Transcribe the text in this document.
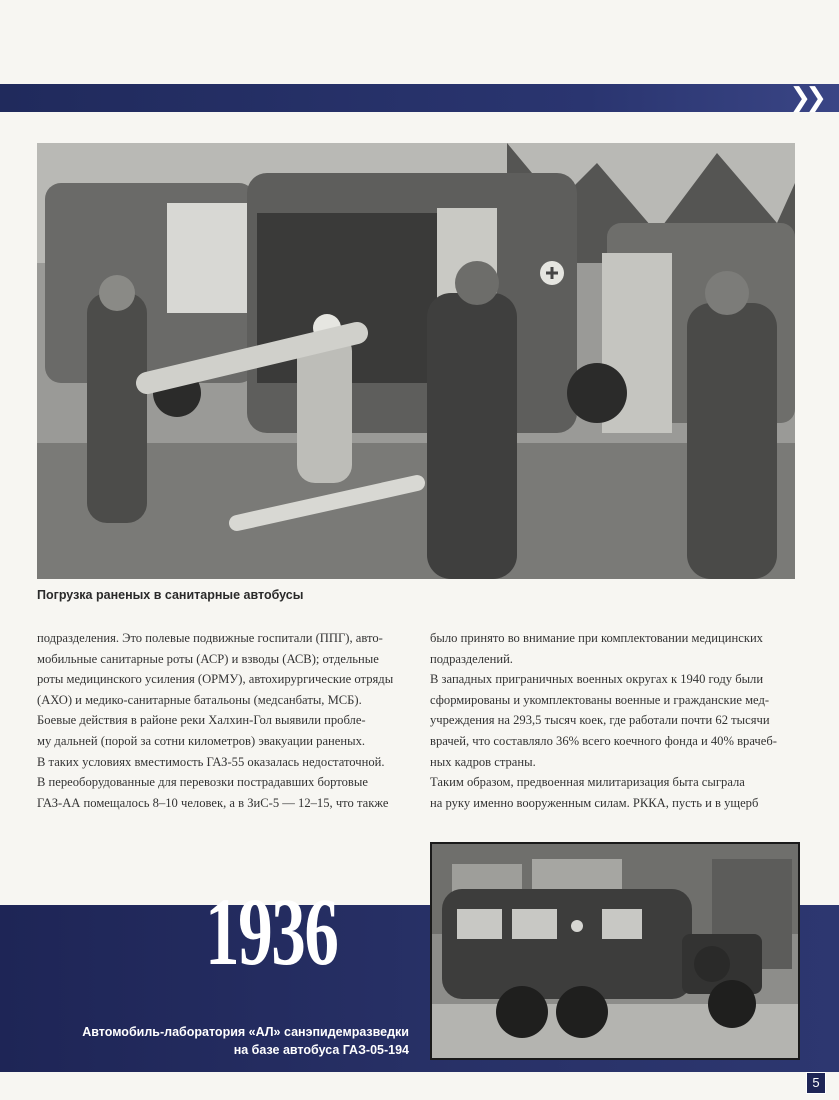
❯❯
Погрузка раненых в санитарные автобусы

подразделения. Это полевые подвижные госпитали (ППГ), авто-

мобильные санитарные роты (АСР) и взводы (АСВ); отдельные

роты медицинского усиления (ОРМУ), автохирургические отряды

(АХО) и медико-санитарные батальоны (медсанбаты, МСБ).

Боевые действия в районе реки Халхин-Гол выявили пробле-

му дальней (порой за сотни километров) эвакуации раненых.

В таких условиях вместимость ГАЗ-55 оказалась недостаточной.

В переоборудованные для перевозки пострадавших бортовые

ГАЗ-АА помещалось 8–10 человек, а в ЗиС-5 — 12–15, что также

было принято во внимание при комплектовании медицинских

подразделений.

В западных приграничных военных округах к 1940 году были

сформированы и укомплектованы военные и гражданские мед-

учреждения на 293,5 тысяч коек, где работали почти 62 тысячи

врачей, что составляло 36% всего коечного фонда и 40% врачеб-

ных кадров страны.

Таким образом, предвоенная милитаризация быта сыграла

на руку именно вооруженным силам. РККА, пусть и в ущерб

1936
Автомобиль-лаборатория «АЛ» санэпидемразведки
на базе автобуса ГАЗ-05-194
5
